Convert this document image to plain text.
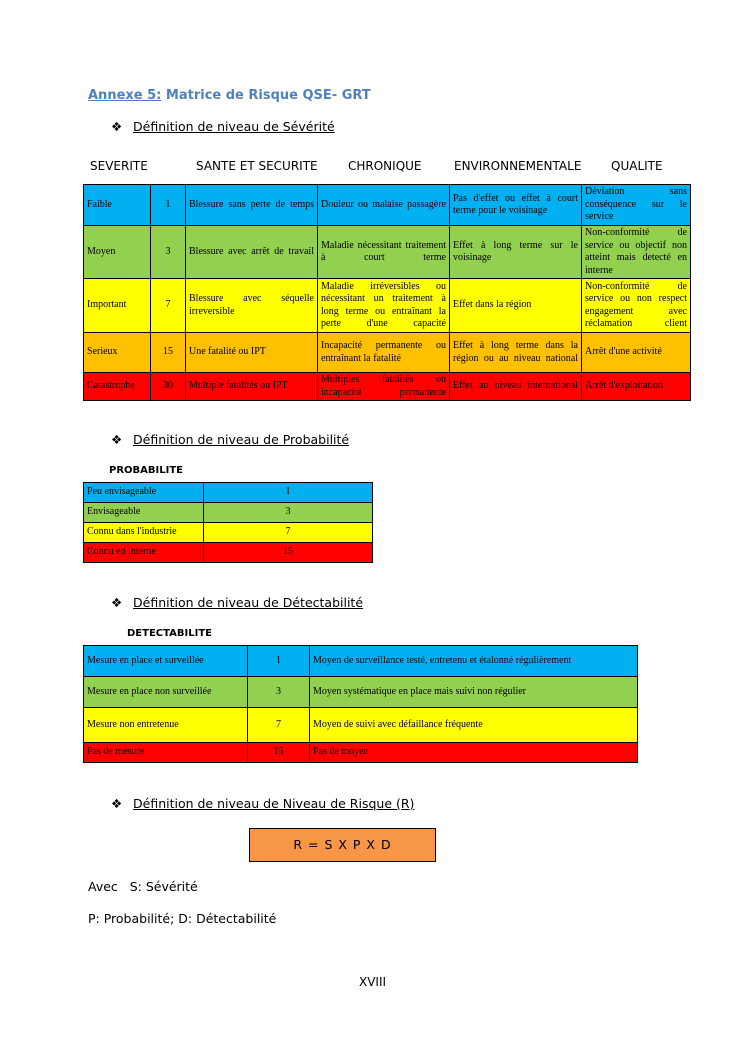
Annexe 5: Matrice de Risque QSE- GRT
❖ Définition de niveau de Sévérité
SEVERITE	SANTE ET SECURITE	CHRONIQUE	ENVIRONNEMENTALE QUALITE
Faible	1	Blessure sans perte de temps	Douleur ou malaise passagère	Pas d'effet ou effet à court terme pour le voisinage	Déviation sans conséquence sur le service
Moyen	3	Blessure avec arrêt de travail	Maladie nécessitant traitement à court terme	Effet à long terme sur le voisinage	Non-conformité de service ou objectif non atteint mais detecté en interne
Important	7	Blessure avec séquelle irreversible	Maladie irréversibles ou nécessitant un traitement à long terme ou entraînant la perte d'une capacité	Effet dans la région	Non-conformité de service ou non respect engagement avec réclamation client
Serieux	15	Une fatalité ou IPT	Incapacité permanente ou entraînant la fatalité	Effet à long terme dans la région ou au niveau national	Arrêt d'une activité
Catastrophe	30	Multiple fatalités ou IPT	Multiples fatalités ou incapacité permanente	Effet au niveau international	Arrêt d'exploitation
❖ Définition de niveau de Probabilité
PROBABILITE
Peu envisageable	1
Envisageable	3
Connu dans l'industrie	7
Connu en interne	15
❖ Définition de niveau de Détectabilité
DETECTABILITE
Mesure en place et surveillée	1	Moyen de surveillance testé, entretenu et étalonné régulièrement
Mesure en place non surveillée	3	Moyen systématique en place mais suivi non régulier
Mesure non entretenue	7	Moyen de suivi avec défaillance fréquente
Pas de mesure	15	Pas de moyen
❖ Définition de niveau de Niveau de Risque (R)
R = S X P X D
Avec   S: Sévérité
P: Probabilité; D: Détectabilité
XVIII
